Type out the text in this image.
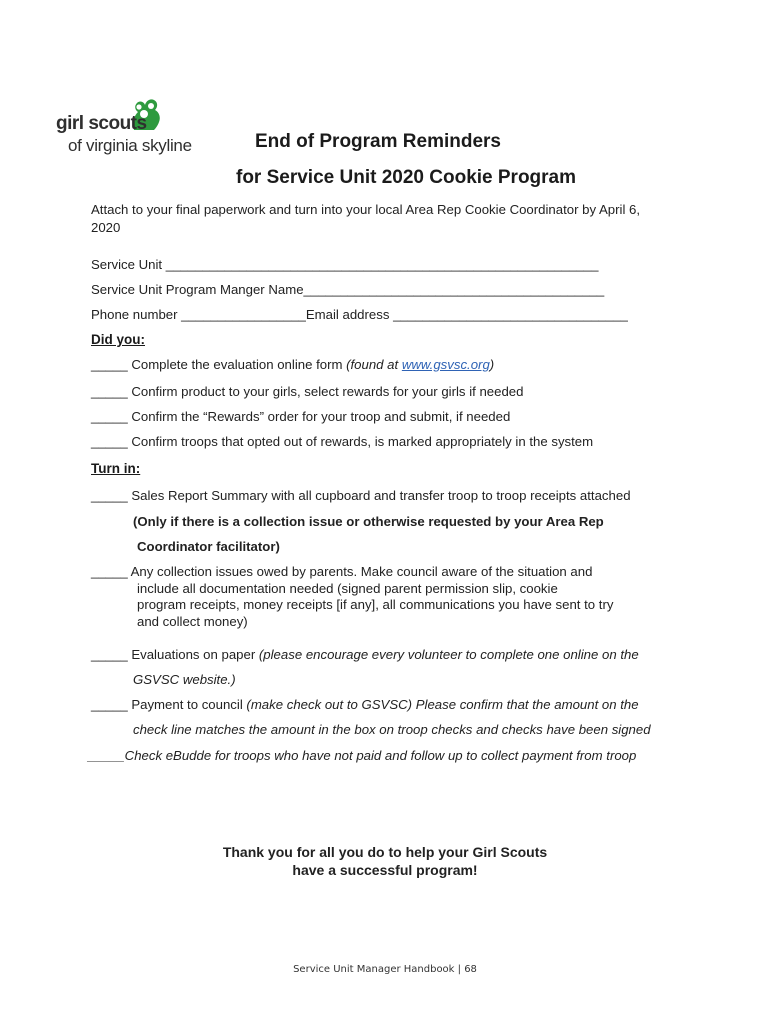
girl scouts
of virginia skyline	End of Program Reminders
for Service Unit 2020 Cookie Program
Attach to your final paperwork and turn into your local Area Rep Cookie Coordinator by April 6,
2020
Service Unit ___________________________________________________________
Service Unit Program Manger Name_________________________________________
Phone number _________________Email address ________________________________
Did you:
_____ Complete the evaluation online form (found at www.gsvsc.org)
_____ Confirm product to your girls, select rewards for your girls if needed
_____ Confirm the “Rewards” order for your troop and submit, if needed
_____ Confirm troops that opted out of rewards, is marked appropriately in the system
Turn in:
_____ Sales Report Summary with all cupboard and transfer troop to troop receipts attached
(Only if there is a collection issue or otherwise requested by your Area Rep
Coordinator facilitator)
_____ Any collection issues owed by parents. Make council aware of the situation and
include all documentation needed (signed parent permission slip, cookie
program receipts, money receipts [if any], all communications you have sent to try
and collect money)
_____ Evaluations on paper (please encourage every volunteer to complete one online on the
GSVSC website.)
_____ Payment to council (make check out to GSVSC) Please confirm that the amount on the
check line matches the amount in the box on troop checks and checks have been signed
_____Check eBudde for troops who have not paid and follow up to collect payment from troop
Thank you for all you do to help your Girl Scouts
have a successful program!
Service Unit Manager Handbook | 68
